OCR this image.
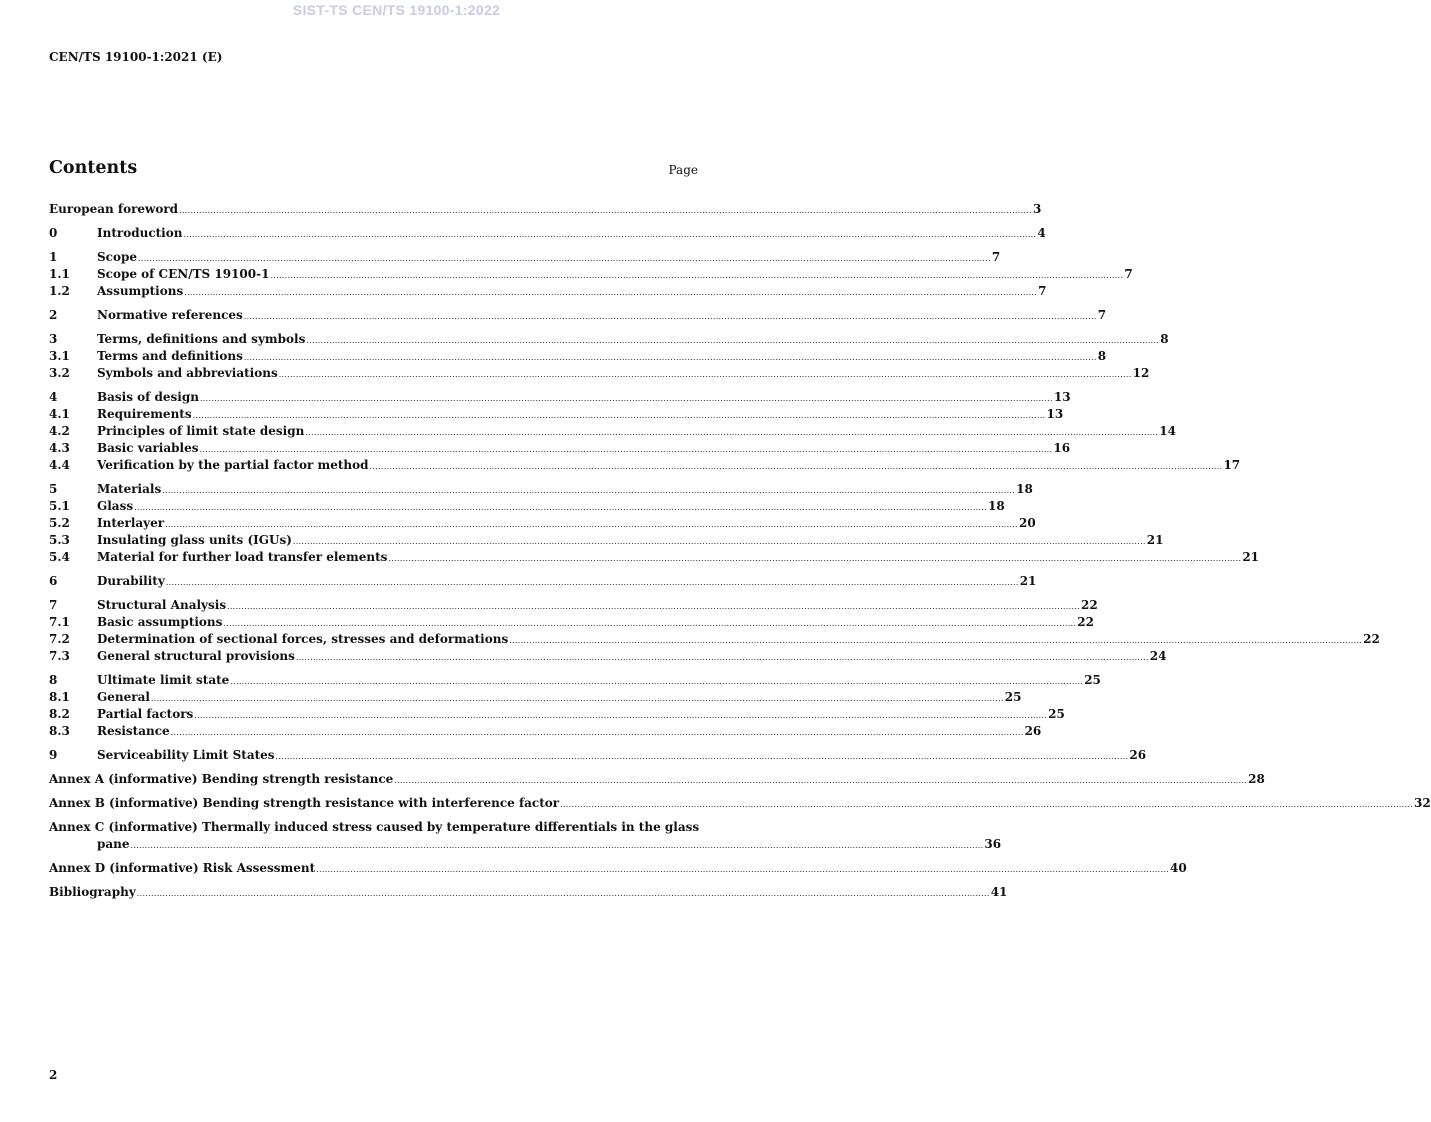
SIST-TS CEN/TS 19100-1:2022
CEN/TS 19100-1:2021 (E)
Contents	Page
European foreword ............................................................................................................................................................................................................................................................................................................ 3
0	Introduction ............................................................................................................................................................................................................................................................................................................ 4
1	Scope ............................................................................................................................................................................................................................................................................................................ 7
1.1	Scope of CEN/TS 19100-1 ............................................................................................................................................................................................................................................................................................................ 7
1.2	Assumptions ............................................................................................................................................................................................................................................................................................................ 7
2	Normative references ............................................................................................................................................................................................................................................................................................................ 7
3	Terms, definitions and symbols ............................................................................................................................................................................................................................................................................................................ 8
3.1	Terms and definitions ............................................................................................................................................................................................................................................................................................................ 8
3.2	Symbols and abbreviations ............................................................................................................................................................................................................................................................................................................ 12
4	Basis of design ............................................................................................................................................................................................................................................................................................................ 13
4.1	Requirements ............................................................................................................................................................................................................................................................................................................ 13
4.2	Principles of limit state design ............................................................................................................................................................................................................................................................................................................ 14
4.3	Basic variables ............................................................................................................................................................................................................................................................................................................ 16
4.4	Verification by the partial factor method ............................................................................................................................................................................................................................................................................................................ 17
5	Materials ............................................................................................................................................................................................................................................................................................................ 18
5.1	Glass ............................................................................................................................................................................................................................................................................................................ 18
5.2	Interlayer ............................................................................................................................................................................................................................................................................................................ 20
5.3	Insulating glass units (IGUs) ............................................................................................................................................................................................................................................................................................................ 21
5.4	Material for further load transfer elements ............................................................................................................................................................................................................................................................................................................ 21
6	Durability ............................................................................................................................................................................................................................................................................................................ 21
7	Structural Analysis ............................................................................................................................................................................................................................................................................................................ 22
7.1	Basic assumptions ............................................................................................................................................................................................................................................................................................................ 22
7.2	Determination of sectional forces, stresses and deformations ............................................................................................................................................................................................................................................................................................................ 22
7.3	General structural provisions ............................................................................................................................................................................................................................................................................................................ 24
8	Ultimate limit state ............................................................................................................................................................................................................................................................................................................ 25
8.1	General ............................................................................................................................................................................................................................................................................................................ 25
8.2	Partial factors ............................................................................................................................................................................................................................................................................................................ 25
8.3	Resistance ............................................................................................................................................................................................................................................................................................................ 26
9	Serviceability Limit States ............................................................................................................................................................................................................................................................................................................ 26
Annex A (informative) Bending strength resistance ............................................................................................................................................................................................................................................................................................................ 28
Annex B (informative) Bending strength resistance with interference factor ............................................................................................................................................................................................................................................................................................................ 32
Annex C (informative) Thermally induced stress caused by temperature differentials in the glass
pane ............................................................................................................................................................................................................................................................................................................ 36
Annex D (informative) Risk Assessment ............................................................................................................................................................................................................................................................................................................ 40
Bibliography ............................................................................................................................................................................................................................................................................................................ 41
2
